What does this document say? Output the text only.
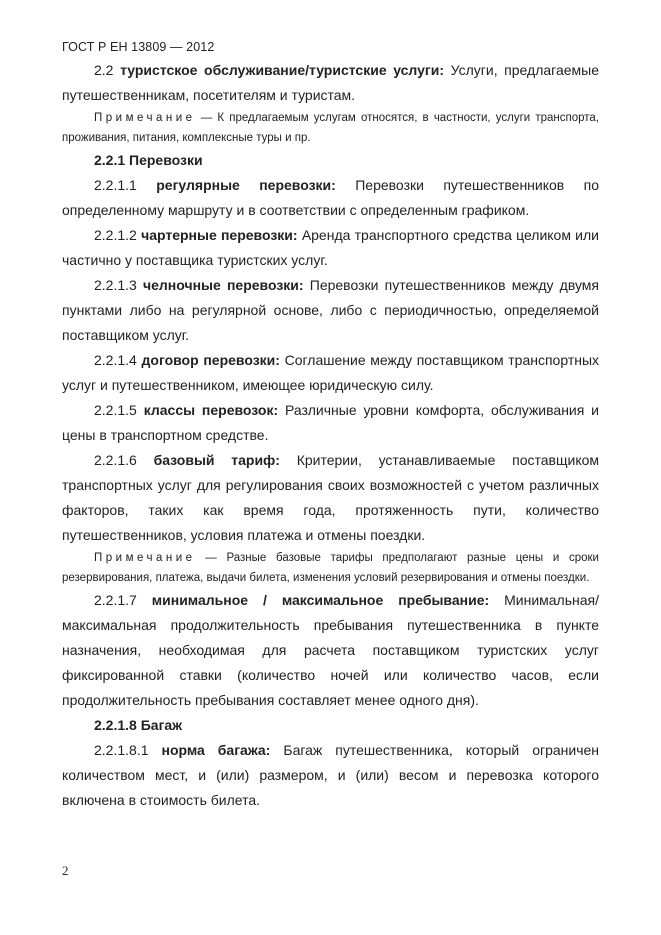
ГОСТ Р ЕН 13809 — 2012

2.2 туристское обслуживание/туристские услуги: Услуги, предлагаемые путешественникам, посетителям и туристам.

Примечание — К предлагаемым услугам относятся, в частности, услуги транспорта, проживания, питания, комплексные туры и пр.

2.2.1 Перевозки

2.2.1.1 регулярные перевозки: Перевозки путешественников по определенному маршруту и в соответствии с определенным графиком.

2.2.1.2 чартерные перевозки: Аренда транспортного средства целиком или частично у поставщика туристских услуг.

2.2.1.3 челночные перевозки: Перевозки путешественников между двумя пунктами либо на регулярной основе, либо с периодичностью, определяемой поставщиком услуг.

2.2.1.4 договор перевозки: Соглашение между поставщиком транспортных услуг и путешественником, имеющее юридическую силу.

2.2.1.5 классы перевозок: Различные уровни комфорта, обслуживания и цены в транспортном средстве.

2.2.1.6 базовый тариф: Критерии, устанавливаемые поставщиком транспортных услуг для регулирования своих возможностей с учетом различных факторов, таких как время года, протяженность пути, количество путешественников, условия платежа и отмены поездки.

Примечание — Разные базовые тарифы предполагают разные цены и сроки резервирования, платежа, выдачи билета, изменения условий резервирования и отмены поездки.

2.2.1.7 минимальное / максимальное пребывание: Минимальная/максимальная продолжительность пребывания путешественника в пункте назначения, необходимая для расчета поставщиком туристских услуг фиксированной ставки (количество ночей или количество часов, если продолжительность пребывания составляет менее одного дня).

2.2.1.8 Багаж

2.2.1.8.1 норма багажа: Багаж путешественника, который ограничен количеством мест, и (или) размером, и (или) весом и перевозка которого включена в стоимость билета.

2
